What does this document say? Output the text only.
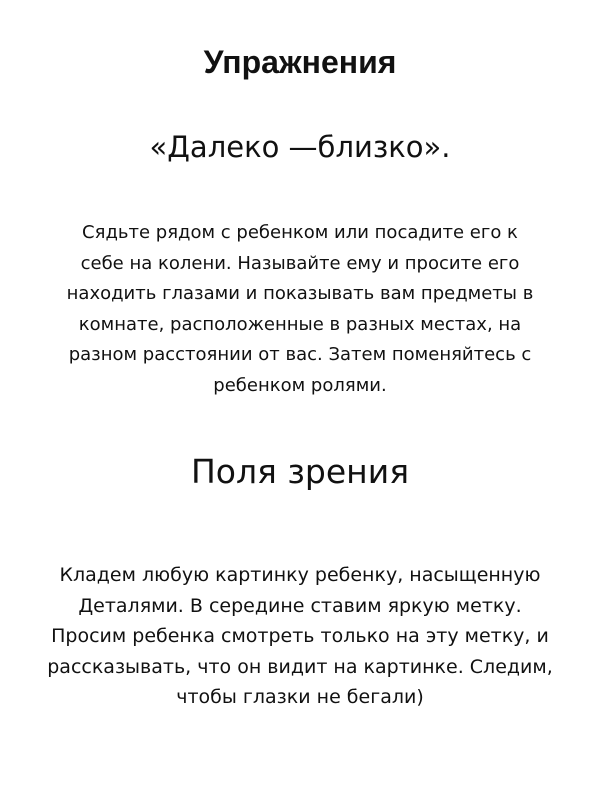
Упражнения
«Далеко —близко».

Сядьте рядом с ребенком или посадите его к
себе на колени. Называйте ему и просите его
находить глазами и показывать вам предметы в
комнате, расположенные в разных местах, на
разном расстоянии от вас. Затем поменяйтесь с
ребенком ролями.

Поля зрения

Кладем любую картинку ребенку, насыщенную
Деталями. В середине ставим яркую метку.
Просим ребенка смотреть только на эту метку, и
рассказывать, что он видит на картинке. Следим,
чтобы глазки не бегали)
